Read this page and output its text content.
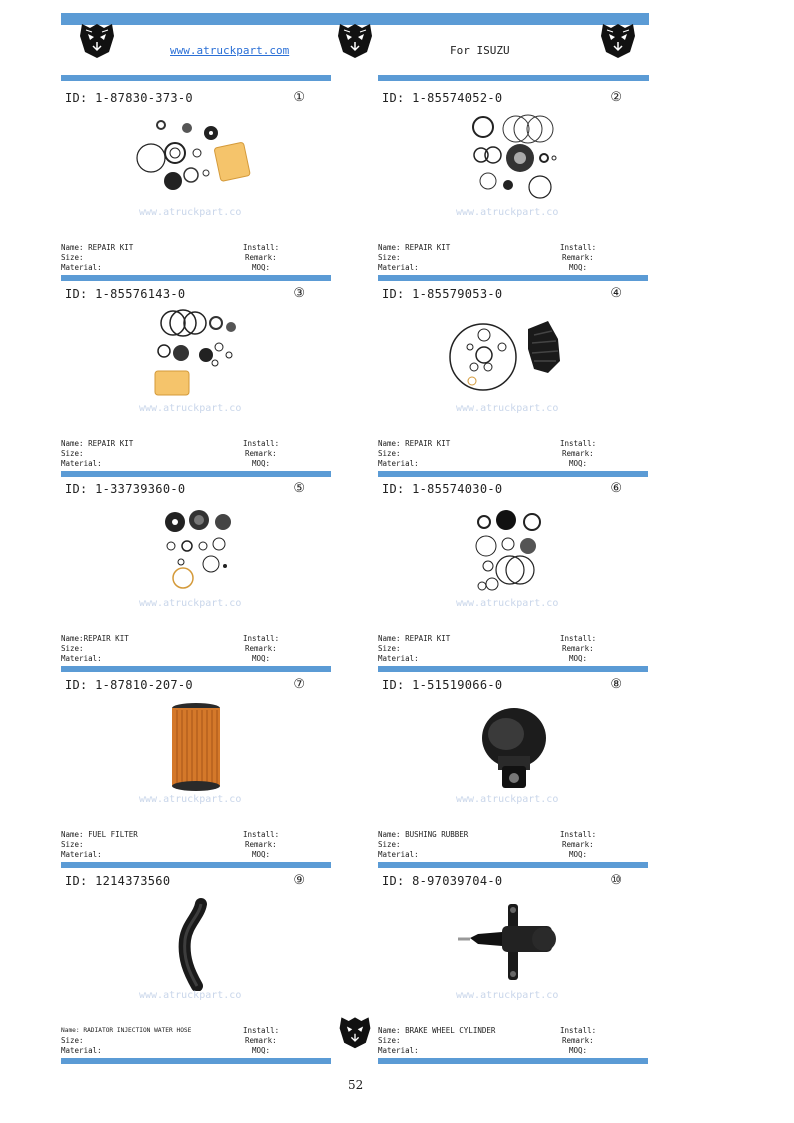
www.atruckpart.com	For ISUZU
ID: 1-87830-373-0	①
www.atruckpart.co
Name: REPAIR KIT
Size:
Material:
Install:
Remark:
MOQ:
ID: 1-85574052-0	②
www.atruckpart.co
Name: REPAIR KIT
Size:
Material:
Install:
Remark:
MOQ:
ID: 1-85576143-0	③
www.atruckpart.co
Name: REPAIR KIT
Size:
Material:
Install:
Remark:
MOQ:
ID: 1-85579053-0	④
www.atruckpart.co
Name: REPAIR KIT
Size:
Material:
Install:
Remark:
MOQ:
ID: 1-33739360-0	⑤
www.atruckpart.co
Name:REPAIR KIT
Size:
Material:
Install:
Remark:
MOQ:
ID: 1-85574030-0	⑥
www.atruckpart.co
Name: REPAIR KIT
Size:
Material:
Install:
Remark:
MOQ:
ID: 1-87810-207-0	⑦
www.atruckpart.co
Name: FUEL FILTER
Size:
Material:
Install:
Remark:
MOQ:
ID: 1-51519066-0	⑧
www.atruckpart.co
Name: BUSHING RUBBER
Size:
Material:
Install:
Remark:
MOQ:
ID: 1214373560	⑨
www.atruckpart.co
Name: RADIATOR INJECTION WATER HOSE
Size:
Material:
Install:
Remark:
MOQ:
ID: 8-97039704-0	⑩
www.atruckpart.co
Name: BRAKE WHEEL CYLINDER
Size:
Material:
Install:
Remark:
MOQ:
52
